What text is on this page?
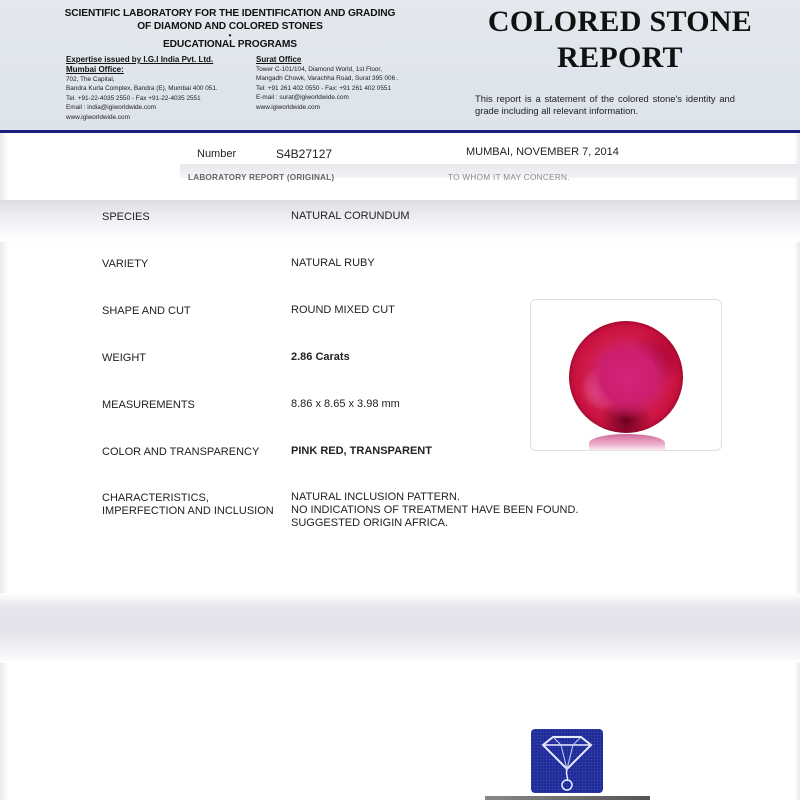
SCIENTIFIC LABORATORY FOR THE IDENTIFICATION AND GRADING
OF DIAMOND AND COLORED STONES
•
EDUCATIONAL PROGRAMS
Expertise issued by I.G.I India Pvt. Ltd.
Mumbai Office:
702, The Capital,
Bandra Kurla Complex, Bandra (E), Mumbai 400 051.
Tel. +91-22-4035 2550 - Fax +91-22-4035 2551
Email : india@igiworldwide.com
www.igiworldwide.com
Surat Office
Tower C-101/104, Diamond World, 1st Floor,
Mangadh Chowk, Varachha Road, Surat 395 006 .
Tel: +91 261 402 0550 - Fax: +91 261 402 0551
E-mail : surat@igiworldwide.com
www.igiworldwide.com
COLORED STONE
REPORT
This report is a statement of the colored stone's identity and grade including all relevant information.
Number	S4B27127	MUMBAI, NOVEMBER 7, 2014
LABORATORY REPORT (ORIGINAL)	TO WHOM IT MAY CONCERN.
SPECIES	NATURAL CORUNDUM
VARIETY	NATURAL RUBY
SHAPE AND CUT	ROUND MIXED CUT
WEIGHT	2.86 Carats
MEASUREMENTS	8.86 x 8.65 x 3.98 mm
COLOR AND TRANSPARENCY	PINK RED, TRANSPARENT
CHARACTERISTICS,
IMPERFECTION AND INCLUSION
NATURAL INCLUSION PATTERN.
NO INDICATIONS OF TREATMENT HAVE BEEN FOUND.
SUGGESTED ORIGIN AFRICA.
